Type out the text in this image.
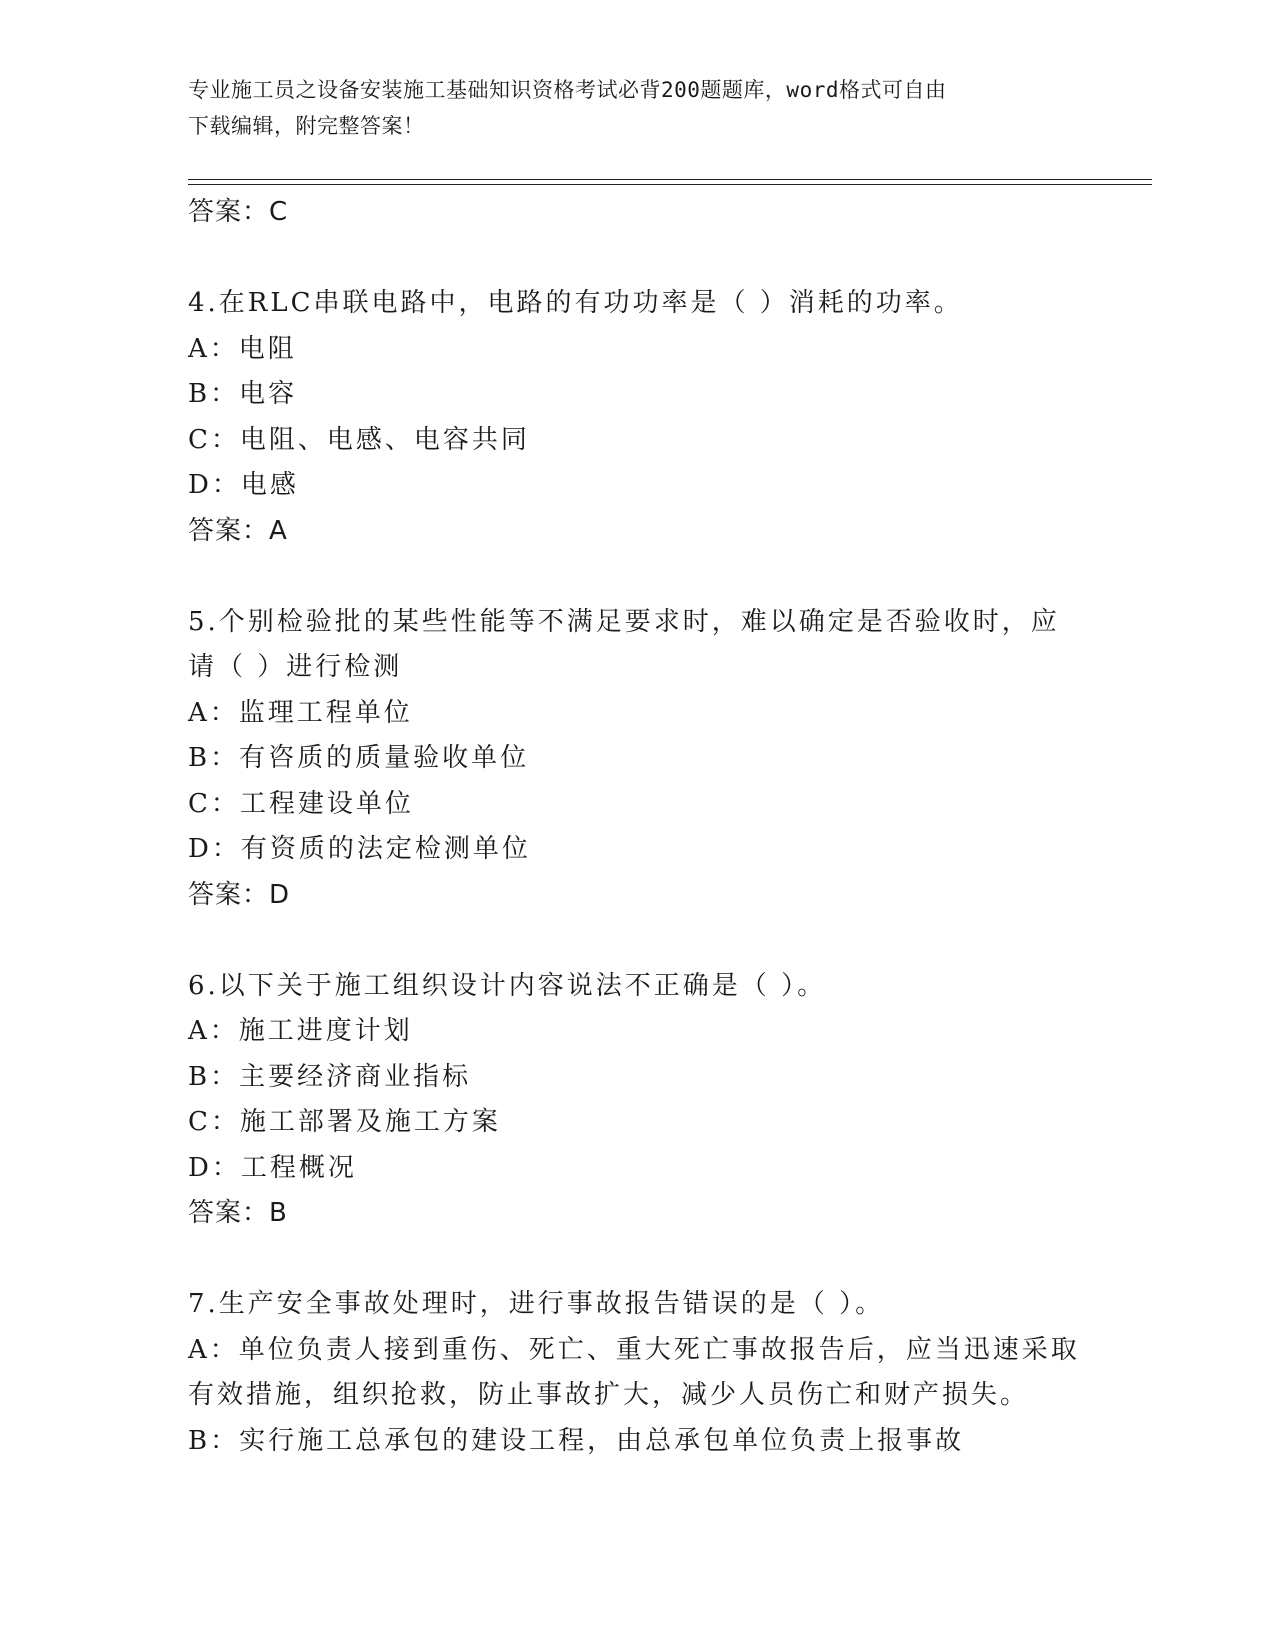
专业施工员之设备安装施工基础知识资格考试必背200题题库，word格式可自由
下载编辑，附完整答案！
答案：C
4.在RLC串联电路中，电路的有功功率是（ ）消耗的功率。
A：电阻
B：电容
C：电阻、电感、电容共同
D：电感
答案：A
5.个别检验批的某些性能等不满足要求时，难以确定是否验收时，应
请（ ）进行检测
A：监理工程单位
B：有咨质的质量验收单位
C：工程建设单位
D：有资质的法定检测单位
答案：D
6.以下关于施工组织设计内容说法不正确是（ ）。
A：施工进度计划
B：主要经济商业指标
C：施工部署及施工方案
D：工程概况
答案：B
7.生产安全事故处理时，进行事故报告错误的是（ ）。
A：单位负责人接到重伤、死亡、重大死亡事故报告后，应当迅速采取
有效措施，组织抢救，防止事故扩大，减少人员伤亡和财产损失。
B：实行施工总承包的建设工程，由总承包单位负责上报事故
